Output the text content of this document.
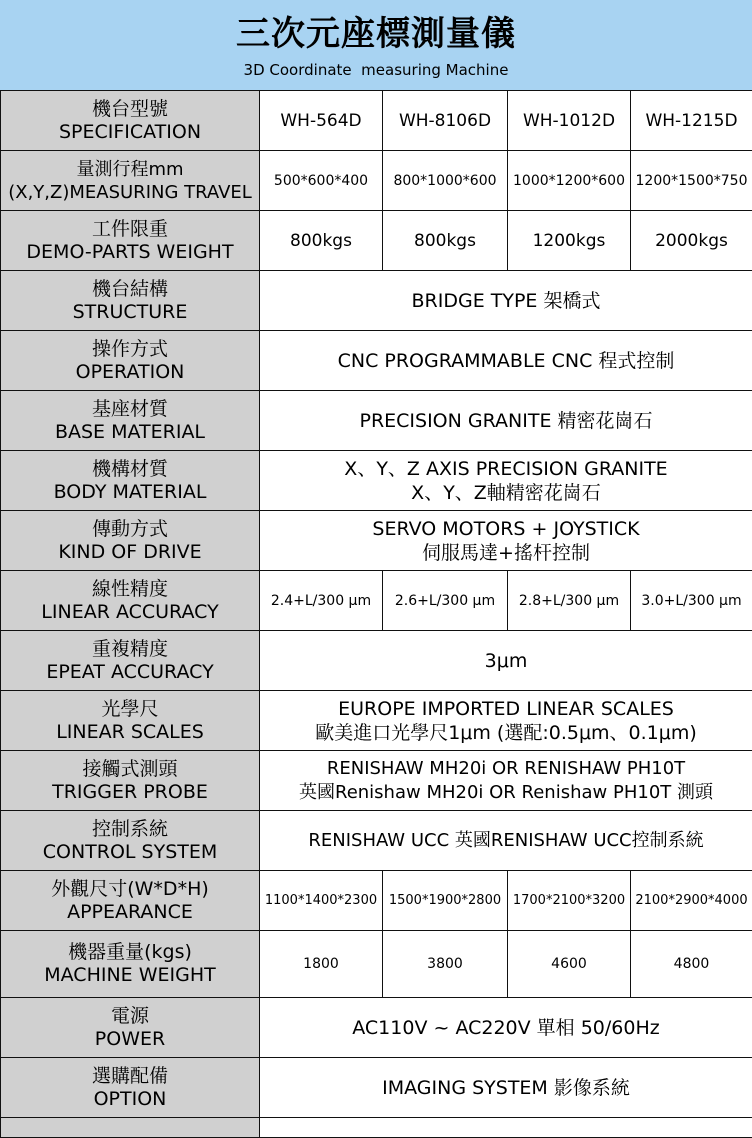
三次元座標測量儀
3D Coordinate  measuring Machine
機台型號
SPECIFICATION	WH-564D	WH-8106D	WH-1012D	WH-1215D

量測行程mm
(X,Y,Z)MEASURING TRAVEL	500*600*400	800*1000*600	1000*1200*600	1200*1500*750

工件限重
DEMO-PARTS WEIGHT	800kgs	800kgs	1200kgs	2000kgs

機台結構
STRUCTURE	BRIDGE TYPE 架橋式			

操作方式
OPERATION	CNC PROGRAMMABLE CNC 程式控制			

基座材質
BASE MATERIAL	PRECISION GRANITE 精密花崗石			

機構材質
BODY MATERIAL	X、Y、Z AXIS PRECISION GRANITE
X、Y、Z軸精密花崗石			

傳動方式
KIND OF DRIVE	SERVO MOTORS + JOYSTICK
伺服馬達+搖杆控制			

線性精度
LINEAR ACCURACY	2.4+L/300 μm	2.6+L/300 μm	2.8+L/300 μm	3.0+L/300 μm

重複精度
EPEAT ACCURACY	3μm			

光學尺
LINEAR SCALES	EUROPE IMPORTED LINEAR SCALES
歐美進口光學尺1μm (選配:0.5μm、0.1μm)			

接觸式測頭
TRIGGER PROBE	RENISHAW MH20i OR RENISHAW PH10T
英國Renishaw MH20i OR Renishaw PH10T 測頭			

控制系統
CONTROL SYSTEM	RENISHAW UCC 英國RENISHAW UCC控制系統			

外觀尺寸(W*D*H)
APPEARANCE	1100*1400*2300	1500*1900*2800	1700*2100*3200	2100*2900*4000

機器重量(kgs)
MACHINE WEIGHT	1800	3800	4600	4800

電源
POWER	AC110V ~ AC220V 單相 50/60Hz			

選購配備
OPTION	IMAGING SYSTEM 影像系統			
